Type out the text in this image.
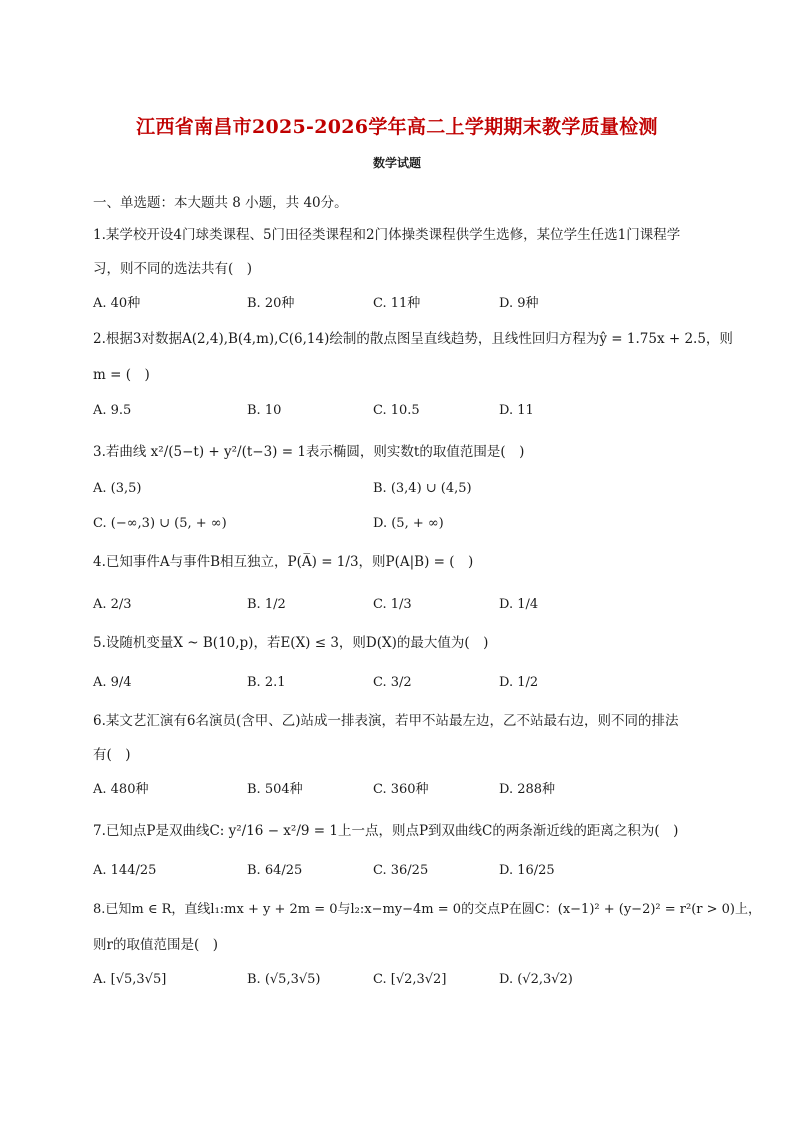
江西省南昌市2025-2026学年高二上学期期末教学质量检测
数学试题
一、单选题：本大题共 8 小题，共 40分。
1.某学校开设4门球类课程、5门田径类课程和2门体操类课程供学生选修，某位学生任选1门课程学
习，则不同的选法共有(　)
A. 40种	B. 20种	C. 11种	D. 9种
2.根据3对数据A(2,4),B(4,m),C(6,14)绘制的散点图呈直线趋势，且线性回归方程为ŷ = 1.75x + 2.5，则
m = (　)
A. 9.5	B. 10	C. 10.5	D. 11
3.若曲线 x²/(5−t) + y²/(t−3) = 1表示椭圆，则实数t的取值范围是(　)
A. (3,5)	B. (3,4) ∪ (4,5)
C. (−∞,3) ∪ (5, + ∞)	D. (5, + ∞)
4.已知事件A与事件B相互独立，P(A̅) = 1/3，则P(A|B) = (　)
A. 2/3	B. 1/2	C. 1/3	D. 1/4
5.设随机变量X ~ B(10,p)，若E(X) ≤ 3，则D(X)的最大值为(　)
A. 9/4	B. 2.1	C. 3/2	D. 1/2
6.某文艺汇演有6名演员(含甲、乙)站成一排表演，若甲不站最左边，乙不站最右边，则不同的排法
有(　)
A. 480种	B. 504种	C. 360种	D. 288种
7.已知点P是双曲线C: y²/16 − x²/9 = 1上一点，则点P到双曲线C的两条渐近线的距离之积为(　)
A. 144/25	B. 64/25	C. 36/25	D. 16/25
8.已知m ∈ R，直线l₁:mx + y + 2m = 0与l₂:x−my−4m = 0的交点P在圆C：(x−1)² + (y−2)² = r²(r > 0)上，
则r的取值范围是(　)
A. [√5,3√5]	B. (√5,3√5)	C. [√2,3√2]	D. (√2,3√2)
